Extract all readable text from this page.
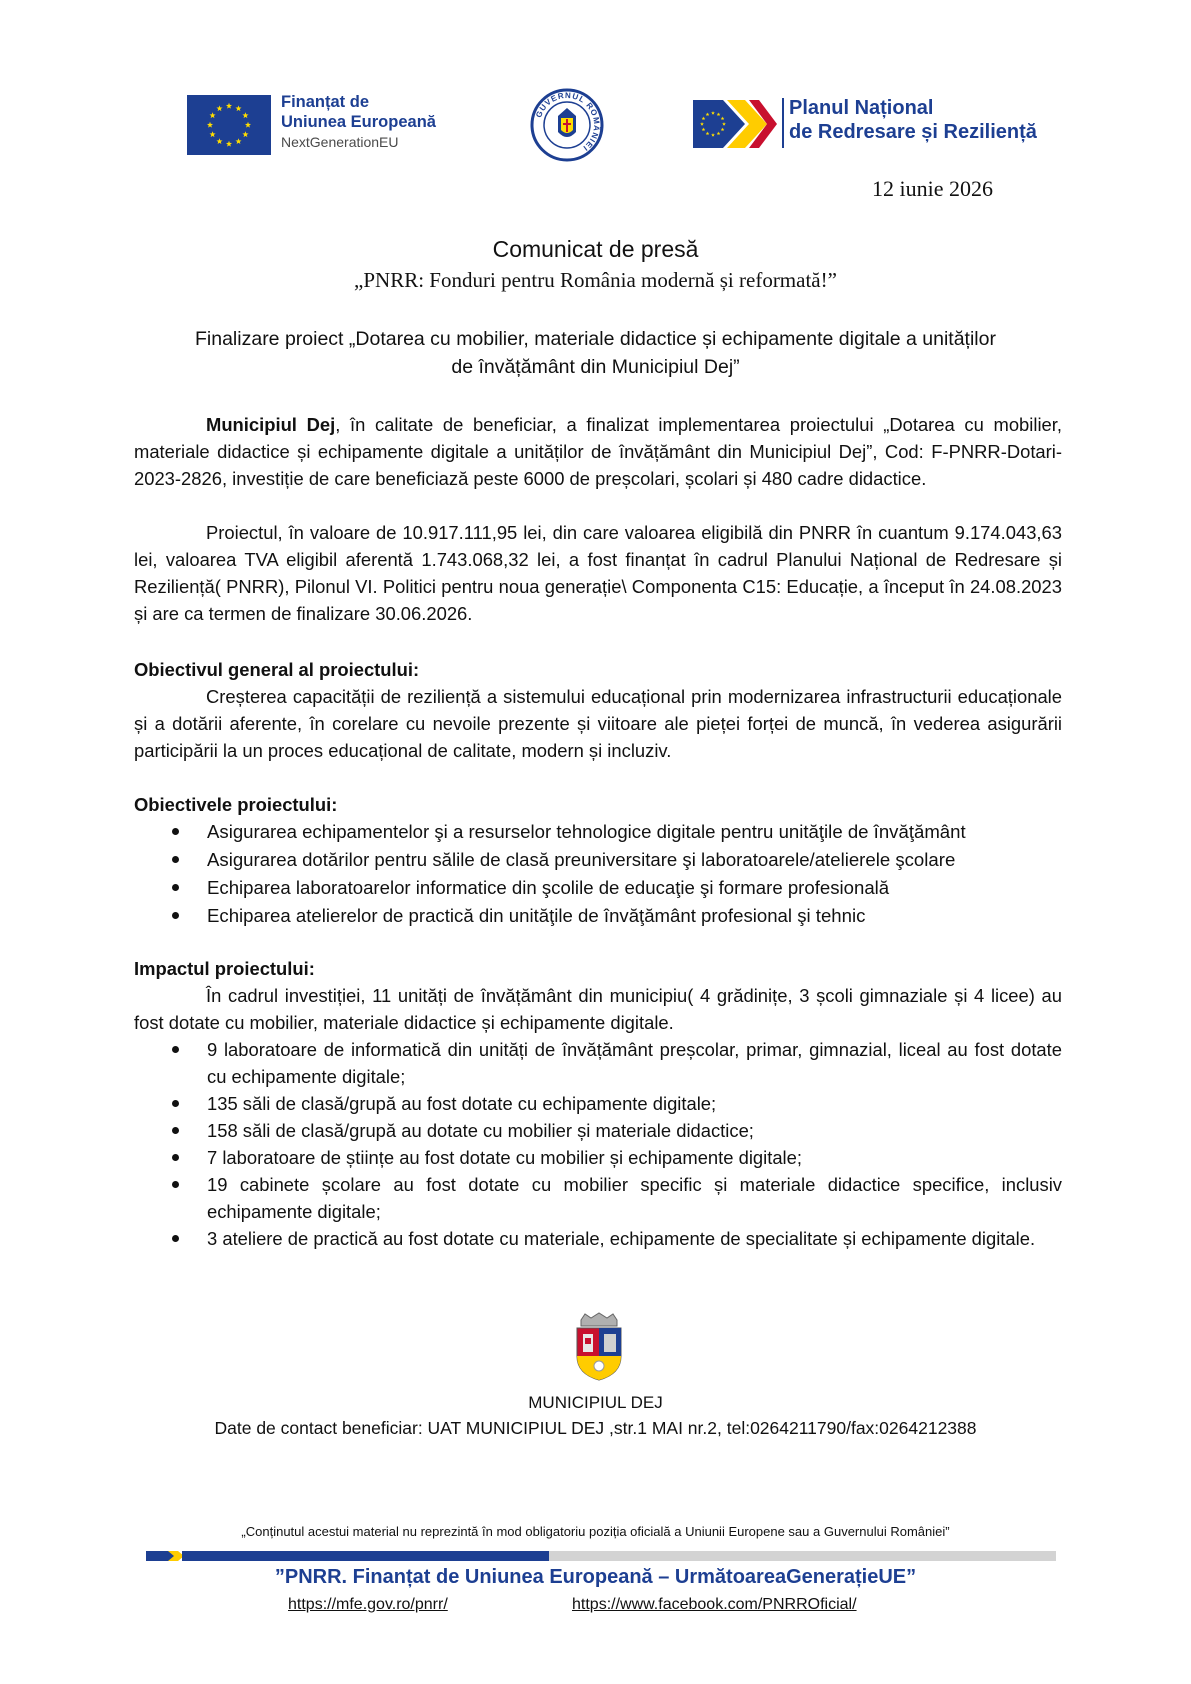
Finanțat de
Uniunea Europeană
NextGenerationEU
GUVERNUL ROMÂNIEI
Planul Național
de Redresare și Reziliență
12 iunie 2026
Comunicat de presă
„PNRR: Fonduri pentru România modernă și reformată!”
Finalizare proiect „Dotarea cu mobilier, materiale didactice și echipamente digitale a unităților
de învățământ din Municipiul Dej”
Municipiul Dej, în calitate de beneficiar, a finalizat implementarea proiectului „Dotarea cu mobilier, materiale didactice și echipamente digitale a unităților de învățământ din Municipiul Dej”, Cod: F-PNRR-Dotari-2023-2826, investiție de care beneficiază peste 6000 de preșcolari, școlari și 480 cadre didactice.
Proiectul, în valoare de 10.917.111,95 lei, din care valoarea eligibilă din PNRR în cuantum 9.174.043,63 lei, valoarea TVA eligibil aferentă 1.743.068,32 lei, a fost finanțat în cadrul Planului Național de Redresare și Reziliență( PNRR), Pilonul VI. Politici pentru noua generație\ Componenta C15: Educație, a început în 24.08.2023 și are ca termen de finalizare 30.06.2026.
Obiectivul general al proiectului:
Creșterea capacității de reziliență a sistemului educațional prin modernizarea infrastructurii educaționale și a dotării aferente, în corelare cu nevoile prezente și viitoare ale pieței forței de muncă, în vederea asigurării participării la un proces educațional de calitate, modern și incluziv.
Obiectivele proiectului:
Asigurarea echipamentelor şi a resurselor tehnologice digitale pentru unităţile de învăţământ
Asigurarea dotărilor pentru sălile de clasă preuniversitare şi laboratoarele/atelierele şcolare
Echiparea laboratoarelor informatice din şcolile de educaţie şi formare profesională
Echiparea atelierelor de practică din unităţile de învăţământ profesional şi tehnic
Impactul proiectului:
În cadrul investiției, 11 unități de învățământ din municipiu( 4 grădinițe, 3 școli gimnaziale și 4 licee) au fost dotate cu mobilier, materiale didactice și echipamente digitale.
9 laboratoare de informatică din unități de învățământ preșcolar, primar, gimnazial, liceal au fost dotate cu echipamente digitale;
135 săli de clasă/grupă au fost dotate cu echipamente digitale;
158 săli de clasă/grupă au dotate cu mobilier și materiale didactice;
7 laboratoare de științe au fost dotate cu mobilier și echipamente digitale;
19 cabinete școlare au fost dotate cu mobilier specific și materiale didactice specifice, inclusiv echipamente digitale;
3 ateliere de practică au fost dotate cu materiale, echipamente de specialitate și echipamente digitale.
MUNICIPIUL DEJ
Date de contact beneficiar: UAT MUNICIPIUL DEJ ,str.1 MAI nr.2, tel:0264211790/fax:0264212388
„Conținutul acestui material nu reprezintă în mod obligatoriu poziția oficială a Uniunii Europene sau a Guvernului României”
”PNRR. Finanțat de Uniunea Europeană – UrmătoareaGenerațieUE”
https://mfe.gov.ro/pnrr/	https://www.facebook.com/PNRROficial/
